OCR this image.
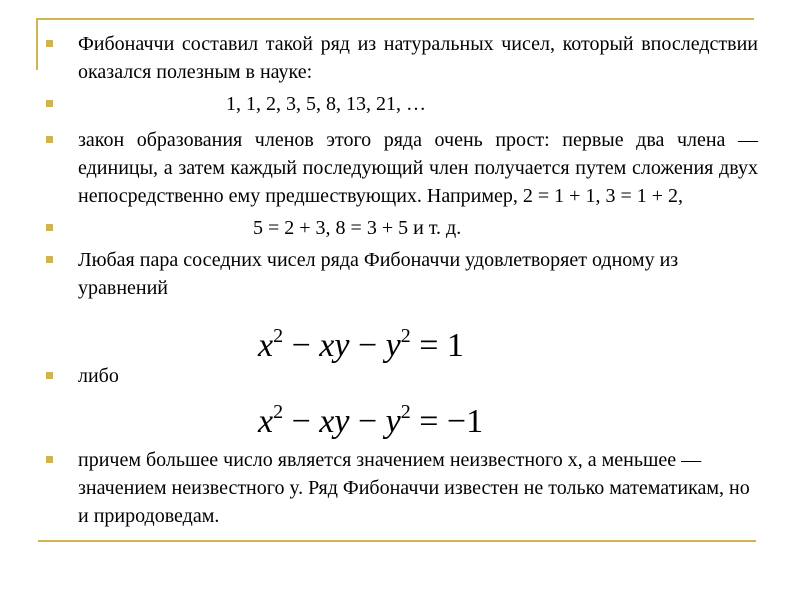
Фибоначчи составил такой ряд из натуральных чисел, который впоследствии оказался полезным в науке:
1, 1, 2, 3, 5, 8, 13, 21, …
закон образования членов этого ряда очень прост: первые два члена — единицы, а затем каждый последующий член получается путем сложения двух непосредственно ему предшествующих. Например, 2 = 1 + 1, 3 = 1 + 2,
5 = 2 + 3, 8 = 3 + 5 и т. д.
Любая пара соседних чисел ряда Фибоначчи удовлетворяет одному из уравнений
$x^2$ − xy − $y^2 = 1$
либо
$x^2$ − xy − $y^2 = -1$
причем большее число является значением неизвестного x, а меньшее — значением неизвестного y. Ряд Фибоначчи известен не только математикам, но и природоведам.
